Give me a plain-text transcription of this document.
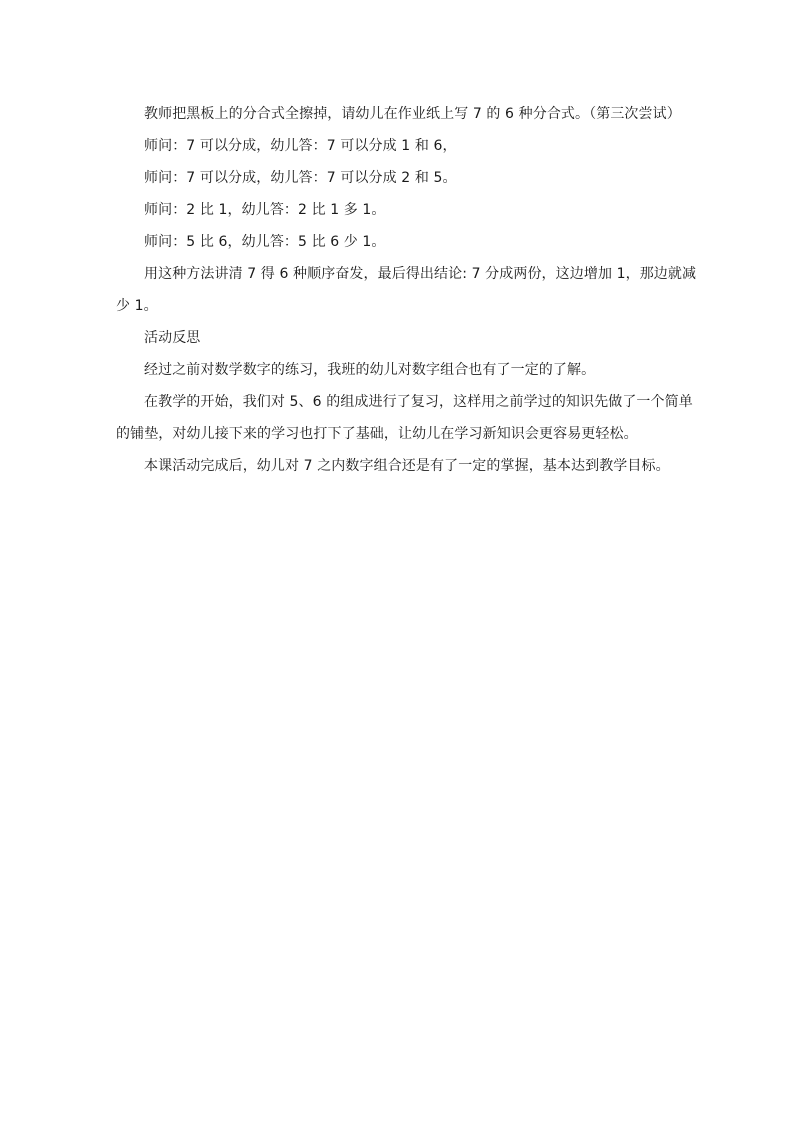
教师把黑板上的分合式全擦掉，请幼儿在作业纸上写 7 的 6 种分合式。（第三次尝试）

师问：7 可以分成，幼儿答：7 可以分成 1 和 6，

师问：7 可以分成，幼儿答：7 可以分成 2 和 5。

师问：2 比 1，幼儿答：2 比 1 多 1。

师问：5 比 6，幼儿答：5 比 6 少 1。

用这种方法讲清 7 得 6 种顺序奋发，最后得出结论: 7 分成两份，这边增加 1，那边就减

少 1。

活动反思

经过之前对数学数字的练习，我班的幼儿对数字组合也有了一定的了解。

在教学的开始，我们对 5、6 的组成进行了复习，这样用之前学过的知识先做了一个简单

的铺垫，对幼儿接下来的学习也打下了基础，让幼儿在学习新知识会更容易更轻松。

本课活动完成后，幼儿对 7 之内数字组合还是有了一定的掌握，基本达到教学目标。
